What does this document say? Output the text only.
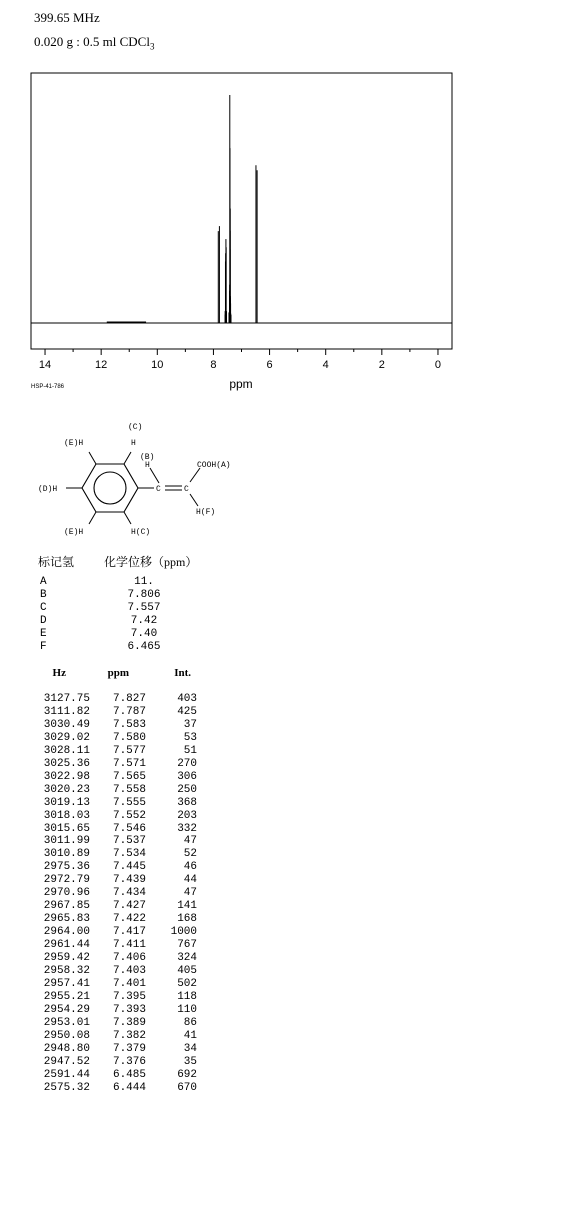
399.65 MHz
0.020 g : 0.5 ml CDCl$_3$
14	12	10	8	6	4	2	0
ppm
HSP-41-786
(C)
(E)H	H
(B)
H	COOH(A)
(D)H	C	C
H(F)
(E)H	H(C)
标记氢 化学位移（ppm）
A	11.
B	7.806
C	7.557
D	7.42
E	7.40
F	6.465
Hz	ppm	Int.
3127.75	7.827	403
3111.82	7.787	425
3030.49	7.583	37
3029.02	7.580	53
3028.11	7.577	51
3025.36	7.571	270
3022.98	7.565	306
3020.23	7.558	250
3019.13	7.555	368
3018.03	7.552	203
3015.65	7.546	332
3011.99	7.537	47
3010.89	7.534	52
2975.36	7.445	46
2972.79	7.439	44
2970.96	7.434	47
2967.85	7.427	141
2965.83	7.422	168
2964.00	7.417	1000
2961.44	7.411	767
2959.42	7.406	324
2958.32	7.403	405
2957.41	7.401	502
2955.21	7.395	118
2954.29	7.393	110
2953.01	7.389	86
2950.08	7.382	41
2948.80	7.379	34
2947.52	7.376	35
2591.44	6.485	692
2575.32	6.444	670
